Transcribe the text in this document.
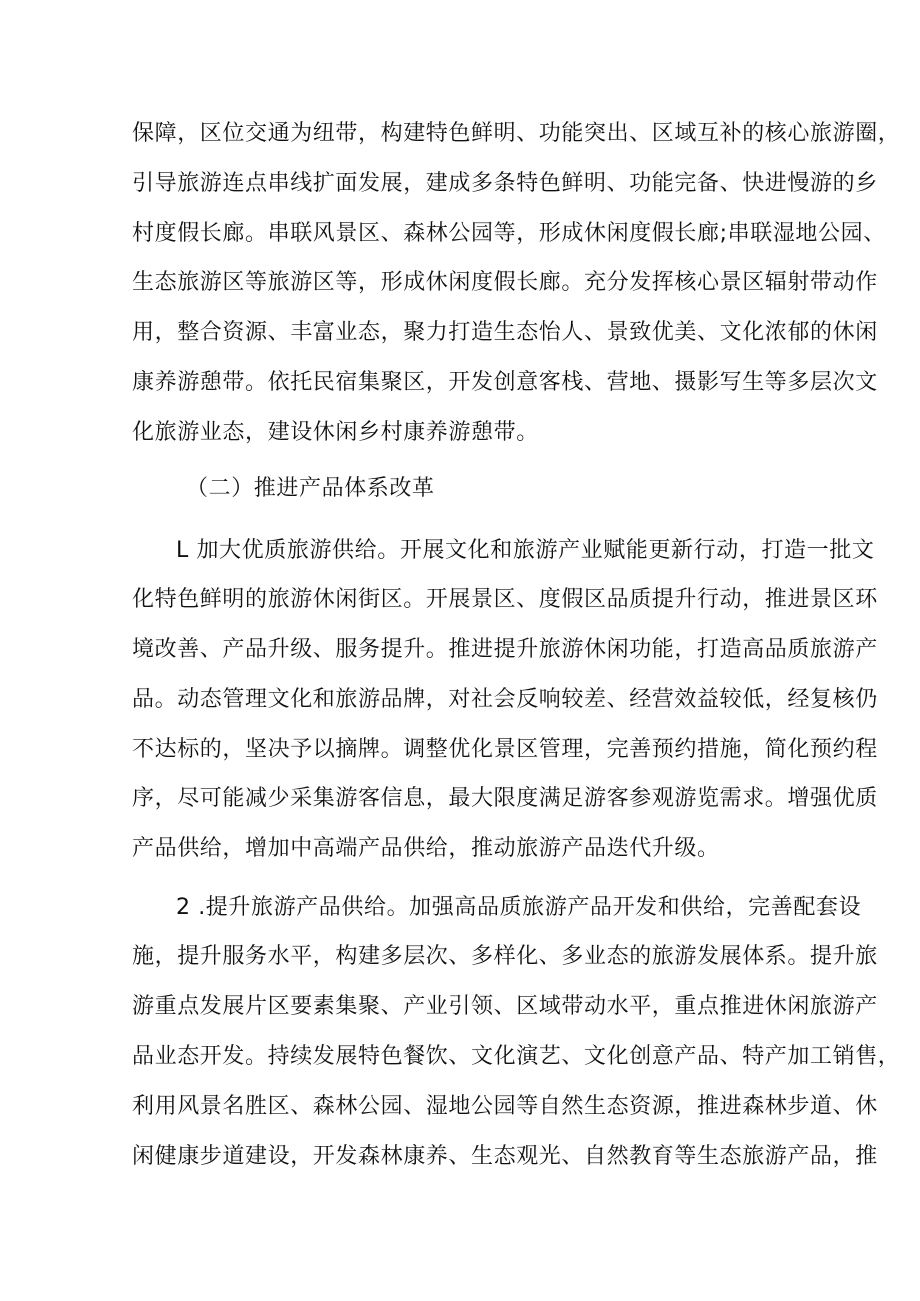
保障，区位交通为纽带，构建特色鲜明、功能突出、区域互补的核心旅游圈，
引导旅游连点串线扩面发展，建成多条特色鲜明、功能完备、快进慢游的乡
村度假长廊。串联风景区、森林公园等，形成休闲度假长廊;串联湿地公园、
生态旅游区等旅游区等，形成休闲度假长廊。充分发挥核心景区辐射带动作
用，整合资源、丰富业态，聚力打造生态怡人、景致优美、文化浓郁的休闲
康养游憩带。依托民宿集聚区，开发创意客栈、营地、摄影写生等多层次文
化旅游业态，建设休闲乡村康养游憩带。
（二）推进产品体系改革
L 加大优质旅游供给。开展文化和旅游产业赋能更新行动，打造一批文
化特色鲜明的旅游休闲街区。开展景区、度假区品质提升行动，推进景区环
境改善、产品升级、服务提升。推进提升旅游休闲功能，打造高品质旅游产
品。动态管理文化和旅游品牌，对社会反响较差、经营效益较低，经复核仍
不达标的，坚决予以摘牌。调整优化景区管理，完善预约措施，简化预约程
序，尽可能减少采集游客信息，最大限度满足游客参观游览需求。增强优质
产品供给，增加中高端产品供给，推动旅游产品迭代升级。
2 .提升旅游产品供给。加强高品质旅游产品开发和供给，完善配套设
施，提升服务水平，构建多层次、多样化、多业态的旅游发展体系。提升旅
游重点发展片区要素集聚、产业引领、区域带动水平，重点推进休闲旅游产
品业态开发。持续发展特色餐饮、文化演艺、文化创意产品、特产加工销售，
利用风景名胜区、森林公园、湿地公园等自然生态资源，推进森林步道、休
闲健康步道建设，开发森林康养、生态观光、自然教育等生态旅游产品，推
